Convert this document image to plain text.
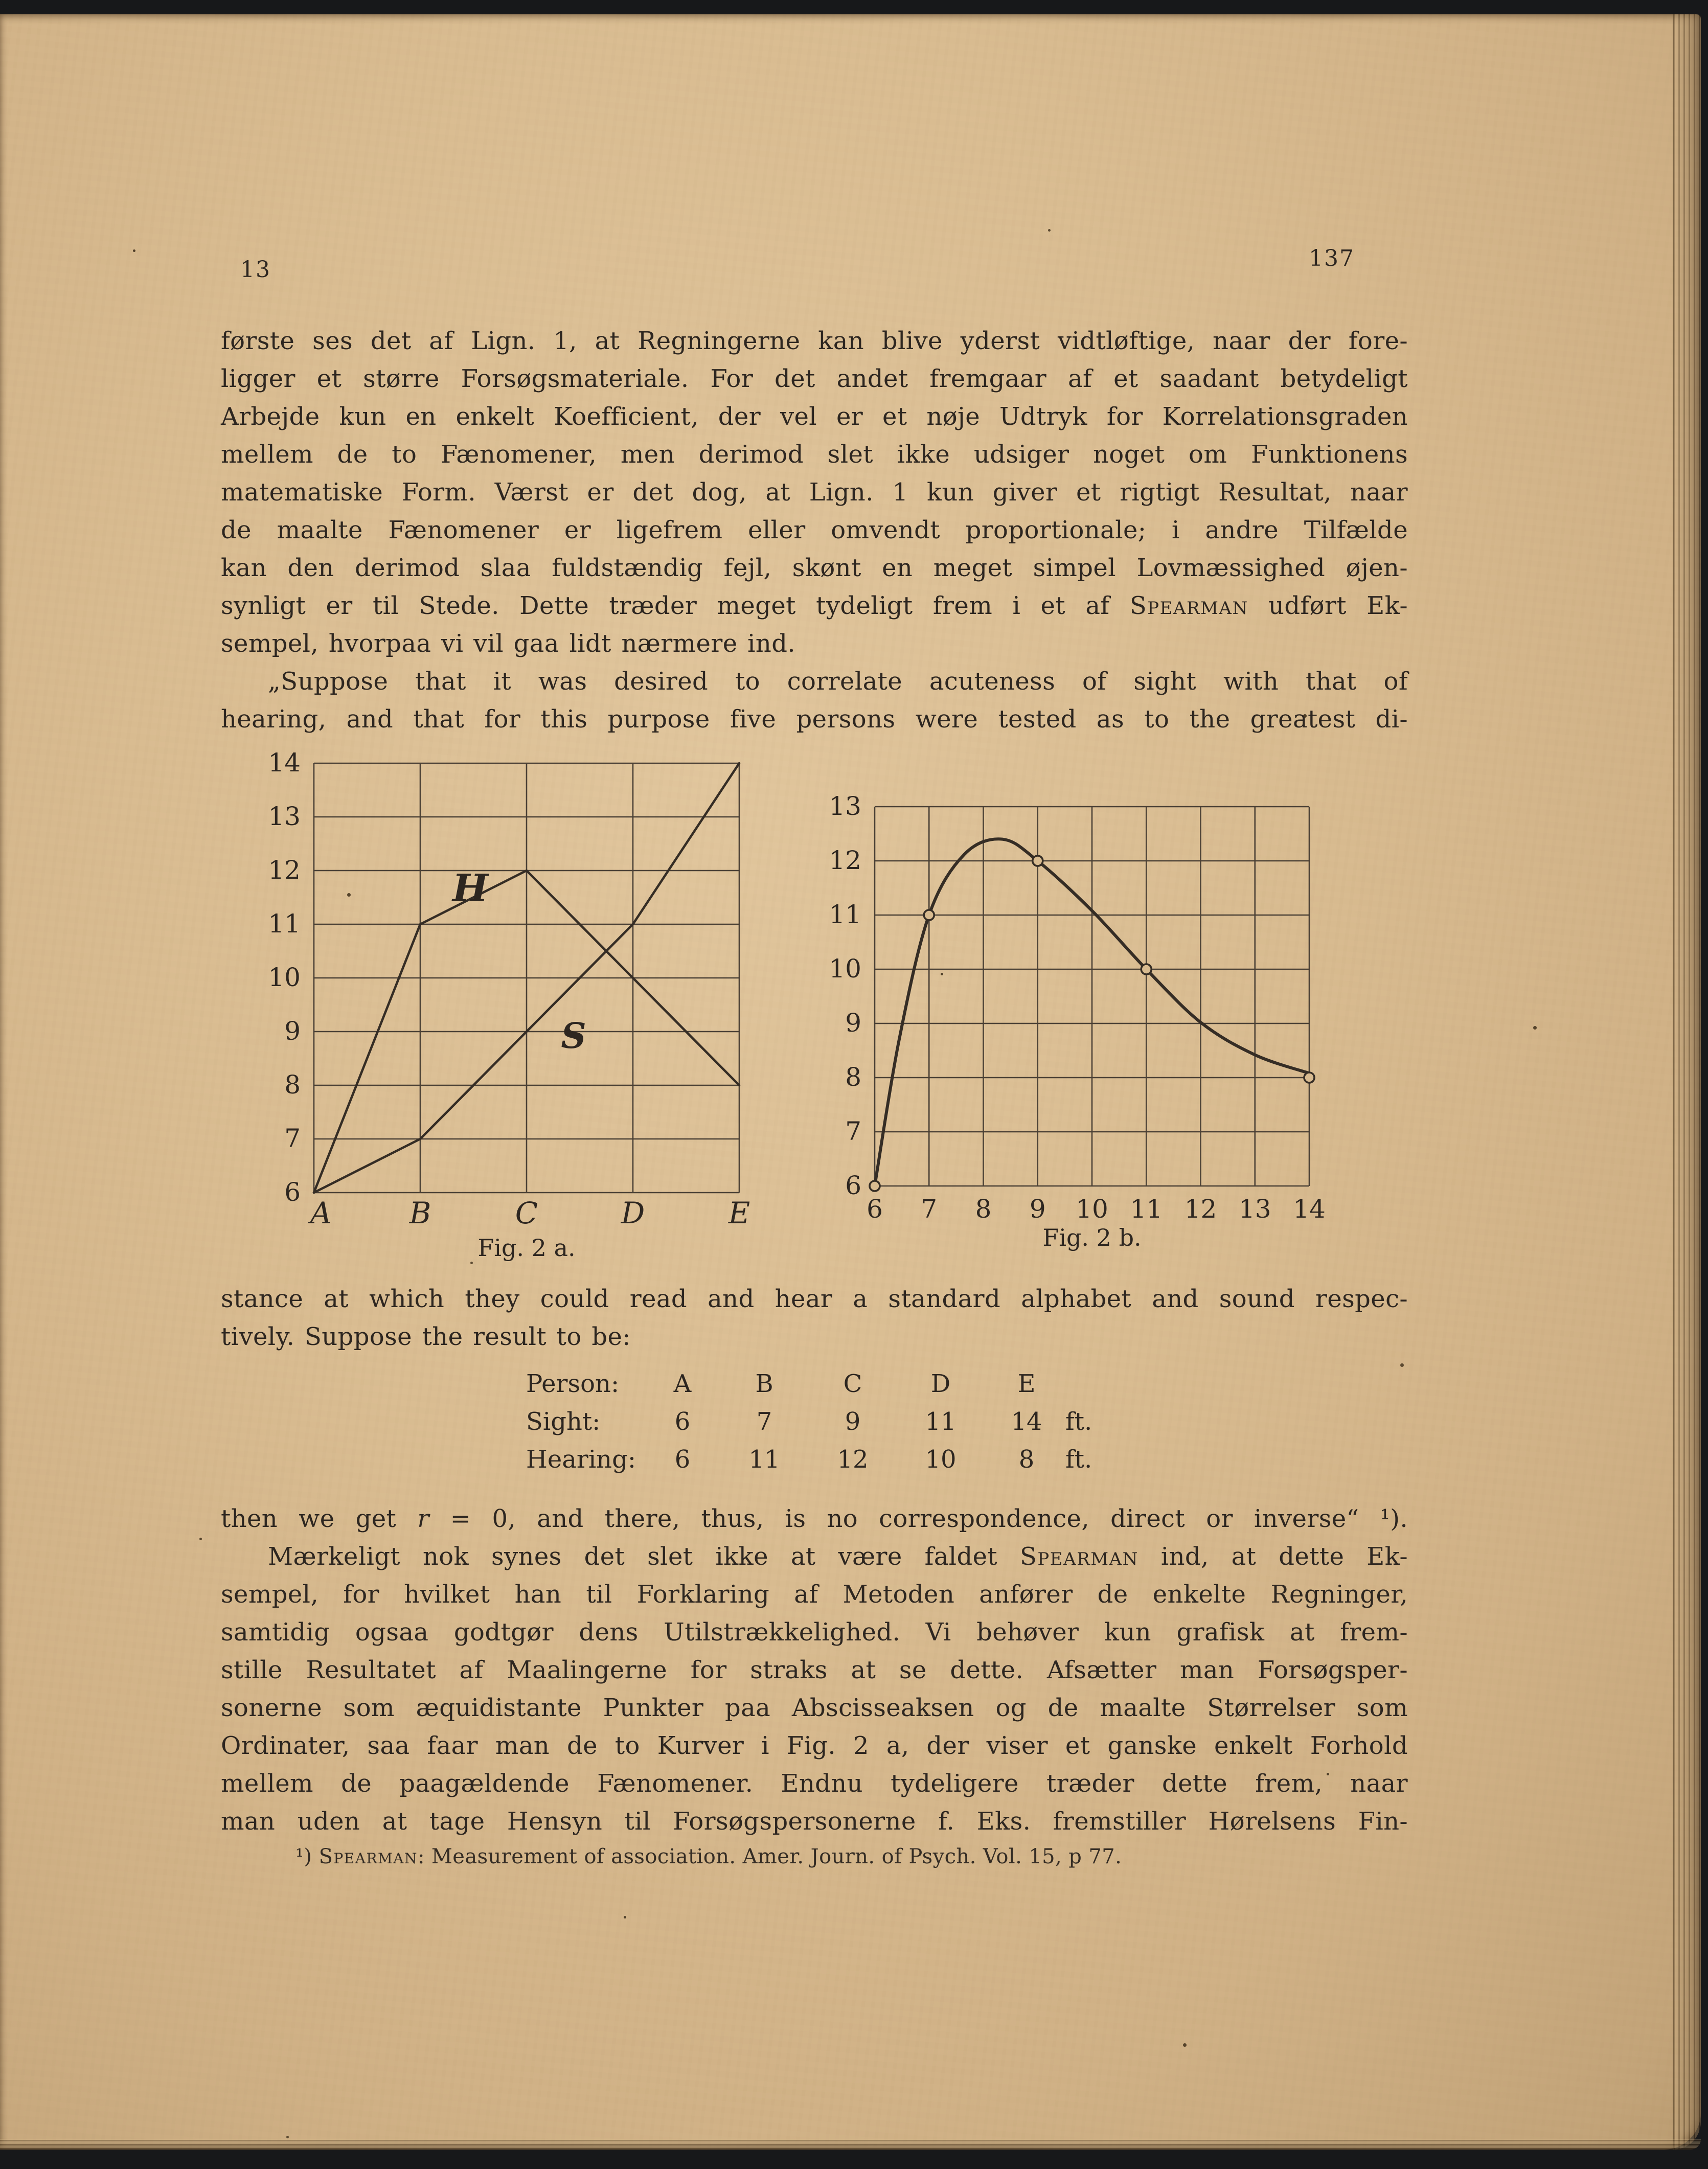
13	137
første ses det af Lign. 1, at Regningerne kan blive yderst vidtløftige, naar der fore-
ligger et større Forsøgsmateriale. For det andet fremgaar af et saadant betydeligt
Arbejde kun en enkelt Koefficient, der vel er et nøje Udtryk for Korrelationsgraden
mellem de to Fænomener, men derimod slet ikke udsiger noget om Funktionens
matematiske Form. Værst er det dog, at Lign. 1 kun giver et rigtigt Resultat, naar
de maalte Fænomener er ligefrem eller omvendt proportionale; i andre Tilfælde
kan den derimod slaa fuldstændig fejl, skønt en meget simpel Lovmæssighed øjen-
synligt er til Stede. Dette træder meget tydeligt frem i et af Spearman udført Ek-
sempel, hvorpaa vi vil gaa lidt nærmere ind.
„Suppose that it was desired to correlate acuteness of sight with that of
hearing, and that for this purpose five persons were tested as to the greatest di-
6
7
8
9
10
11
12
13
14
A	B	C	D	E
H
S
6
7
8
9
10
11
12
13
6 7 8 9 10 11 12 13 14
Fig. 2 a.	Fig. 2 b.
stance at which they could read and hear a standard alphabet and sound respec-
tively. Suppose the result to be:
Person:	A	B	C	D	E
Sight:	6	7	9	11	14 ft.
Hearing:	6	11	12	10	8	ft.
then we get r = 0, and there, thus, is no correspondence, direct or inverse“ ¹).
Mærkeligt nok synes det slet ikke at være faldet Spearman ind, at dette Ek-
sempel, for hvilket han til Forklaring af Metoden anfører de enkelte Regninger,
samtidig ogsaa godtgør dens Utilstrækkelighed. Vi behøver kun grafisk at frem-
stille Resultatet af Maalingerne for straks at se dette. Afsætter man Forsøgsper-
sonerne som æquidistante Punkter paa Abscisseaksen og de maalte Størrelser som
Ordinater, saa faar man de to Kurver i Fig. 2 a, der viser et ganske enkelt Forhold
mellem de paagældende Fænomener. Endnu tydeligere træder dette frem, naar
man uden at tage Hensyn til Forsøgspersonerne f. Eks. fremstiller Hørelsens Fin-
¹) Spearman: Measurement of association. Amer. Journ. of Psych. Vol. 15, p 77.
